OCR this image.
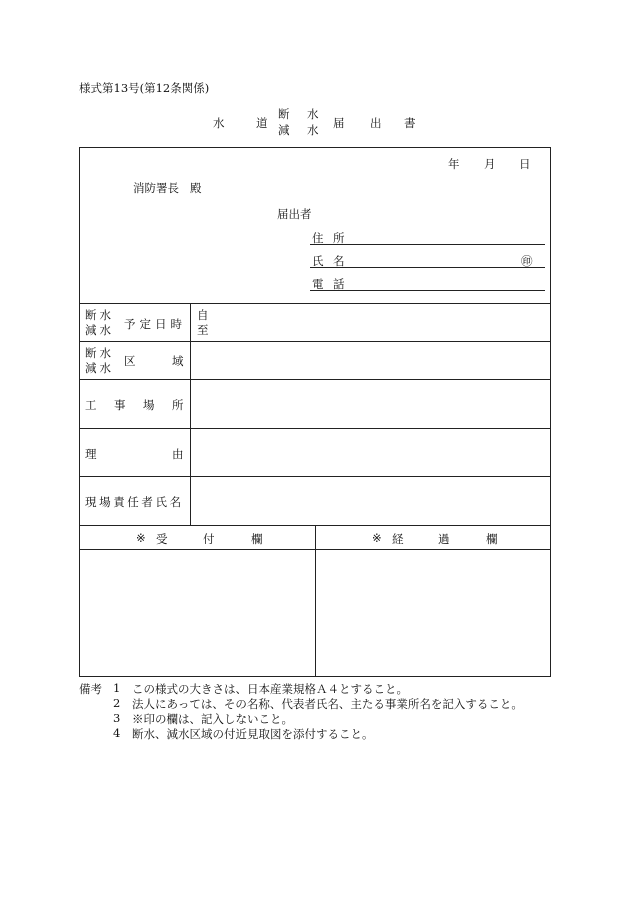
様式第13号(第12条関係)
水	道
断 水
減 水 届 出 書
年 月 日
消防署長 殿
届出者
住 所
氏 名	㊞
電 話
断水
減水 予定日時
自
至
断水
減水 区	域
工 事 場 所
理	由
現場責任者氏名
※ 受	付	欄	※ 経	過	欄
備考 1 この様式の大きさは、日本産業規格Ａ４とすること。
2 法人にあっては、その名称、代表者氏名、主たる事業所名を記入すること。
3 ※印の欄は、記入しないこと。
4 断水、減水区域の付近見取図を添付すること。
